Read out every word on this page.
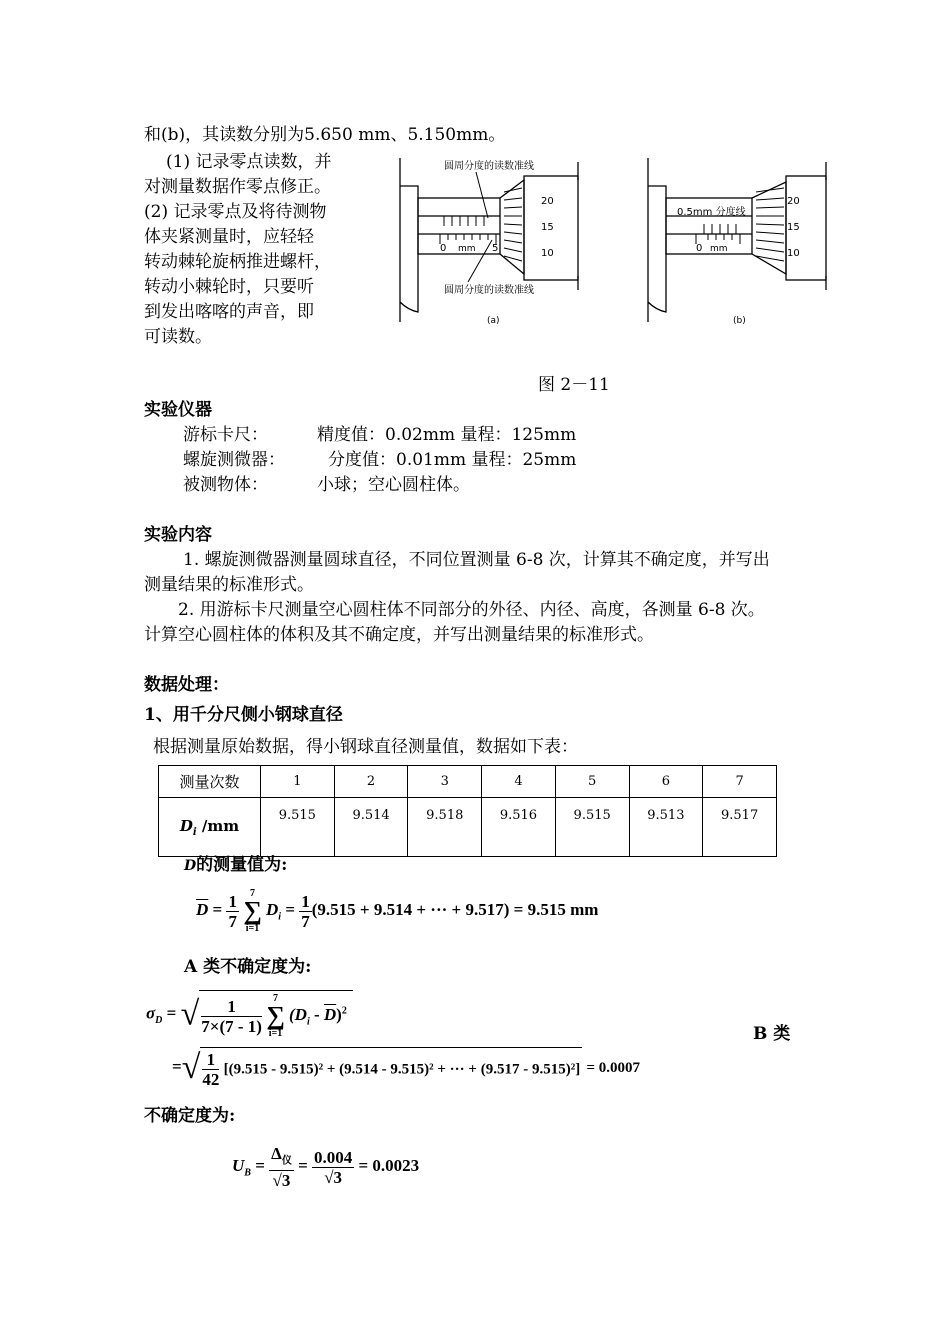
和(b)，其读数分别为5.650 mm、5.150mm。
(1) 记录零点读数，并
对测量数据作零点修正。
(2) 记录零点及将待测物
体夹紧测量时，应轻轻
转动棘轮旋柄推进螺杆，
转动小棘轮时，只要听
到发出喀喀的声音，即
可读数。
圆周分度的读数准线
圆周分度的读数准线
0 mm 5
20
15
10
(a)
0.5mm 分度线
0 mm
20
15
10
(b)
图 2－11
实验仪器
游标卡尺：	精度值：0.02mm 量程：125mm
螺旋测微器：	分度值：0.01mm 量程：25mm
被测物体：	小球；空心圆柱体。
实验内容
1. 螺旋测微器测量圆球直径，不同位置测量 6-8 次，计算其不确定度，并写出
测量结果的标准形式。
2. 用游标卡尺测量空心圆柱体不同部分的外径、内径、高度，各测量 6-8 次。
计算空心圆柱体的体积及其不确定度，并写出测量结果的标准形式。
数据处理：
1、用千分尺侧小钢球直径
根据测量原始数据，得小钢球直径测量值，数据如下表：
测量次数	1	2	3	4	5	6	7
$D_i$ /mm	9.515	9.514	9.518	9.516	9.515	9.513	9.517
D的测量值为:
$\overline{D} = \frac{1}{7} 7$
∑
i=1 $D_i = \frac{1}{7} (9.515 + 9.514$ + ··· + 9.517) = 9.515 mm
A 类不确定度为:
$\sigma_D$ = √ $\frac{1}{7\times(7 - 1)} 7$
∑
i=1 $(D_i - \overline{D})^2$
=√ $\frac{1}{42} [(9.515 - 9.515)^2 + (9.514 - 9.515)^2$ + ··· + (9.517 - 9.515)²] = 0.0007
B 类
不确定度为:
$U_B = \frac{\Delta_仪}{√3} = \frac{0.004}{√3} = 0.0023$
